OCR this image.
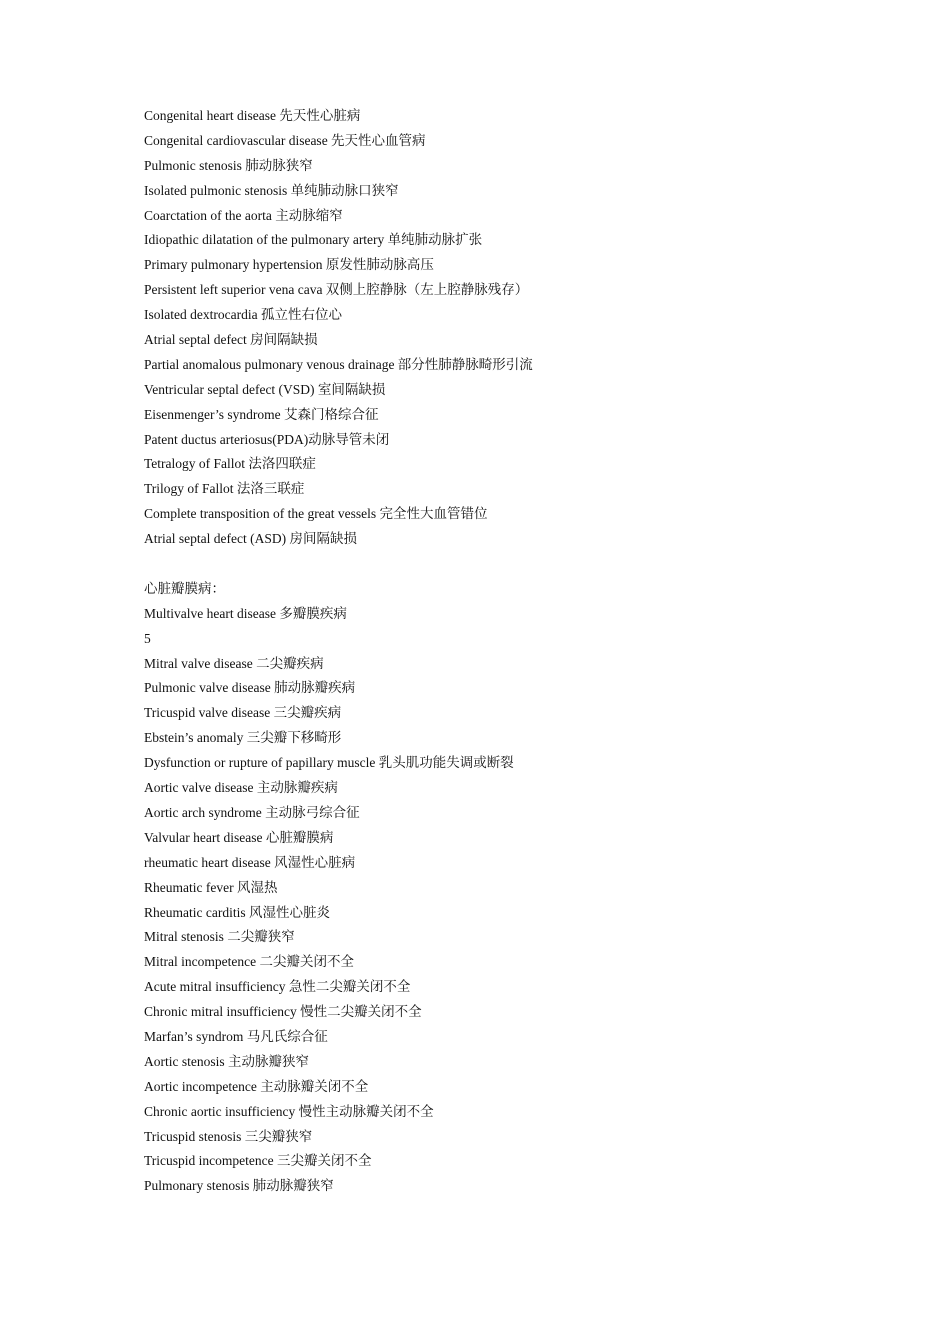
Congenital heart disease 先天性心脏病
Congenital cardiovascular disease 先天性心血管病
Pulmonic stenosis 肺动脉狭窄
Isolated pulmonic stenosis 单纯肺动脉口狭窄
Coarctation of the aorta 主动脉缩窄
Idiopathic dilatation of the pulmonary artery 单纯肺动脉扩张
Primary pulmonary hypertension 原发性肺动脉高压
Persistent left superior vena cava 双侧上腔静脉（左上腔静脉残存）
Isolated dextrocardia 孤立性右位心
Atrial septal defect 房间隔缺损
Partial anomalous pulmonary venous drainage 部分性肺静脉畸形引流
Ventricular septal defect (VSD) 室间隔缺损
Eisenmenger’s syndrome 艾森门格综合征
Patent ductus arteriosus(PDA)动脉导管未闭
Tetralogy of Fallot 法洛四联症
Trilogy of Fallot 法洛三联症
Complete transposition of the great vessels 完全性大血管错位
Atrial septal defect (ASD) 房间隔缺损
心脏瓣膜病：
Multivalve heart disease 多瓣膜疾病
5
Mitral valve disease 二尖瓣疾病
Pulmonic valve disease 肺动脉瓣疾病
Tricuspid valve disease 三尖瓣疾病
Ebstein’s anomaly 三尖瓣下移畸形
Dysfunction or rupture of papillary muscle 乳头肌功能失调或断裂
Aortic valve disease 主动脉瓣疾病
Aortic arch syndrome 主动脉弓综合征
Valvular heart disease 心脏瓣膜病
rheumatic heart disease 风湿性心脏病
Rheumatic fever 风湿热
Rheumatic carditis 风湿性心脏炎
Mitral stenosis 二尖瓣狭窄
Mitral incompetence 二尖瓣关闭不全
Acute mitral insufficiency 急性二尖瓣关闭不全
Chronic mitral insufficiency 慢性二尖瓣关闭不全
Marfan’s syndrom 马凡氏综合征
Aortic stenosis 主动脉瓣狭窄
Aortic incompetence 主动脉瓣关闭不全
Chronic aortic insufficiency 慢性主动脉瓣关闭不全
Tricuspid stenosis 三尖瓣狭窄
Tricuspid incompetence 三尖瓣关闭不全
Pulmonary stenosis 肺动脉瓣狭窄
